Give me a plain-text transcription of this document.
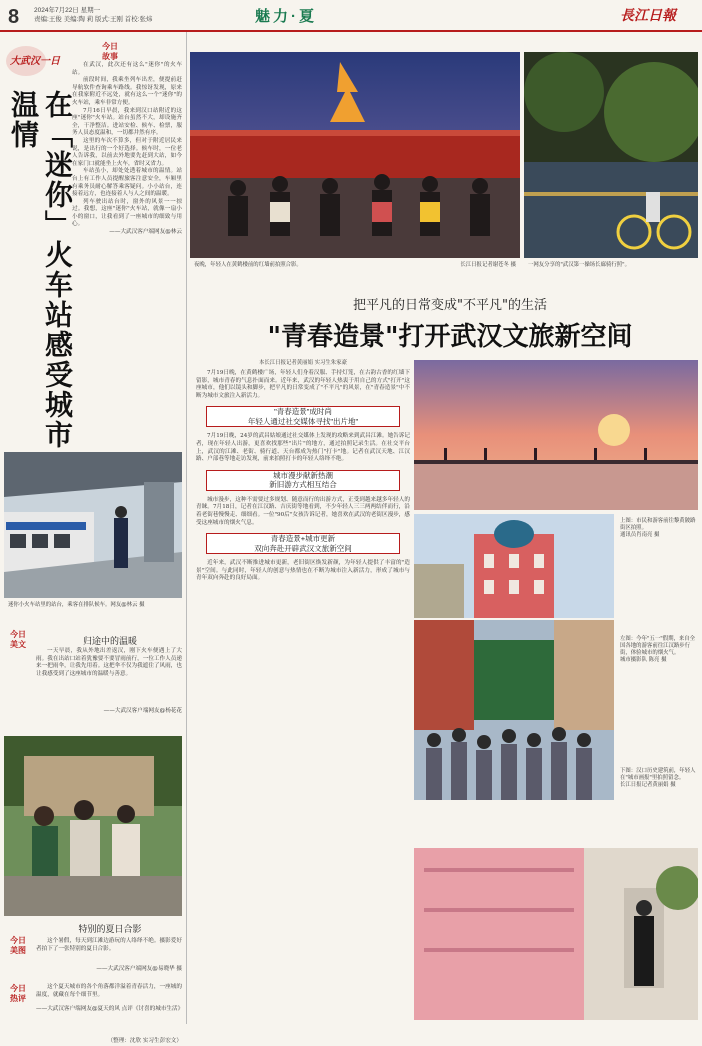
8 2024年7月22日 星期一
责编:王俊 美编:陶 莉 版式:王刚 首校:张炜	魅力·夏	長江日報
大武汉一日
今日
故事
在「迷你」火车站感受城市温情

在武汉，此次还有这么"迷你"的火车站。

前段时间，我乘坐列车出差，便提前赶导航软件查询乘车路线。我惊讶发现，原来在我家附近不远处，就有这么一个"迷你"的火车站，乘车非常方便。

7月16日早晨，我来到汉口站附近的这座"迷你"火车站。站台虽然不大，却设施齐全，干净整洁。进站安检、候车、检票，服务人员态度温和，一切都井然有序。

这里的车次不算多，但对于附近居民来说，是出行的一个好选择。候车时，一位老人告诉我，以前去外地要先赶到大站，如今在家门口就能坐上火车，省时又省力。

车站虽小，却处处透着城市的温情。站台上有工作人员提醒旅客注意安全，车厢里有乘务员耐心解答乘客疑问。小小站台，连接着远方，也连接着人与人之间的温暖。

列车驶出站台时，窗外的风景一一掠过。我想，这座"迷你"火车站，就像一扇小小的窗口，让我看到了一座城市的细致与用心。

——大武汉客户端网友@林云
迷你小火车站里的站台，乘客在排队候车。网友@林云 摄
今日
美文	归途中的温暖
一天早晨，我从外地出差返汉，刚下火车便遇上了大雨。我在出站口站着犹豫要不要冒雨前行，一位工作人员递来一把雨伞，让我先用着。这把伞不仅为我遮住了风雨，也让我感受到了这座城市的温暖与善意。
——大武汉客户端网友@杨花花
特别的夏日合影
今日
美图
这个暑假，每天到江滩边游玩的人络绎不绝。摄影爱好者拍下了一张特别的夏日合影。
——大武汉客户端网友@易晓华 摄
今日
热评
这个夏天城市的各个角落都洋溢着青春活力，一座城的温度，就藏在每个细节里。
——大武汉客户端网友@夏天的风 点评《讨喜的城市生活》
（整理：沈欣 实习生彭宏文）
夜晚，年轻人在黄鹤楼前的红墙前拍照合影。	长江日报记者谢苍冬 摄 一网友分享的"武汉第一操场长廊骑行照"。
把平凡的日常变成"不平凡"的生活
"青春造景"打开武汉文旅新空间
本长江日报记者黄丽娟 实习生朱家豪

7月19日晚，在黄鹤楼广场，年轻人们身着汉服、手持灯笼，在古韵古香的红墙下留影，城市青春的气息扑面而来。近年来，武汉的年轻人热衷于用自己的方式"打开"这座城市，他们以镜头和脚步，把平凡的日常变成了"不平凡"的风景，在"青春造景"中不断为城市文旅注入新活力。

"青春造景"成时尚
年轻人通过社交媒体寻找"出片地"

7月19日晚，24岁的武昌姑娘通过社交媒体上发现的攻略来到武昌江滩。她告诉记者，现在年轻人出游，更喜欢找那些"出片"的地方，通过拍照记录生活。在社交平台上，武汉的江滩、老街、骑行道、天台都成为热门"打卡"地。记者在武汉天地、江汉路、户部巷等地走访发现，前来拍照打卡的年轻人络绎不绝。

城市漫步献新热潮
新旧游方式相互结合

城市漫步，这种不需要过多规划、随意而行的出游方式，正受到越来越多年轻人的青睐。7月18日，记者在江汉路、吉庆街等地看到，不少年轻人三三两两结伴而行，沿着老街巷慢慢走、细细看。一位"90后"女孩告诉记者，她喜欢在武汉的老街区漫步，感受这座城市的烟火气息。

青春造景+城市更新
双向奔赴开辟武汉文旅新空间

近年来，武汉不断推进城市更新，老旧街区焕发新颜，为年轻人提供了丰富的"造景"空间。与此同时，年轻人的创意与热情也在不断为城市注入新活力，形成了城市与青年双向奔赴的良好局面。

上图：市民和游客前往黎黄陂路街区拍照。
通讯员肖南亮 摄
左图：今年"五一"假期，来自全国各地的游客前往江汉路步行街，体验城市的烟火气。
城市摄影队 陈亮 摄
下图：汉口历史建筑前，年轻人在"城市画报"里拍照留念。
长江日报记者黄丽娟 摄
